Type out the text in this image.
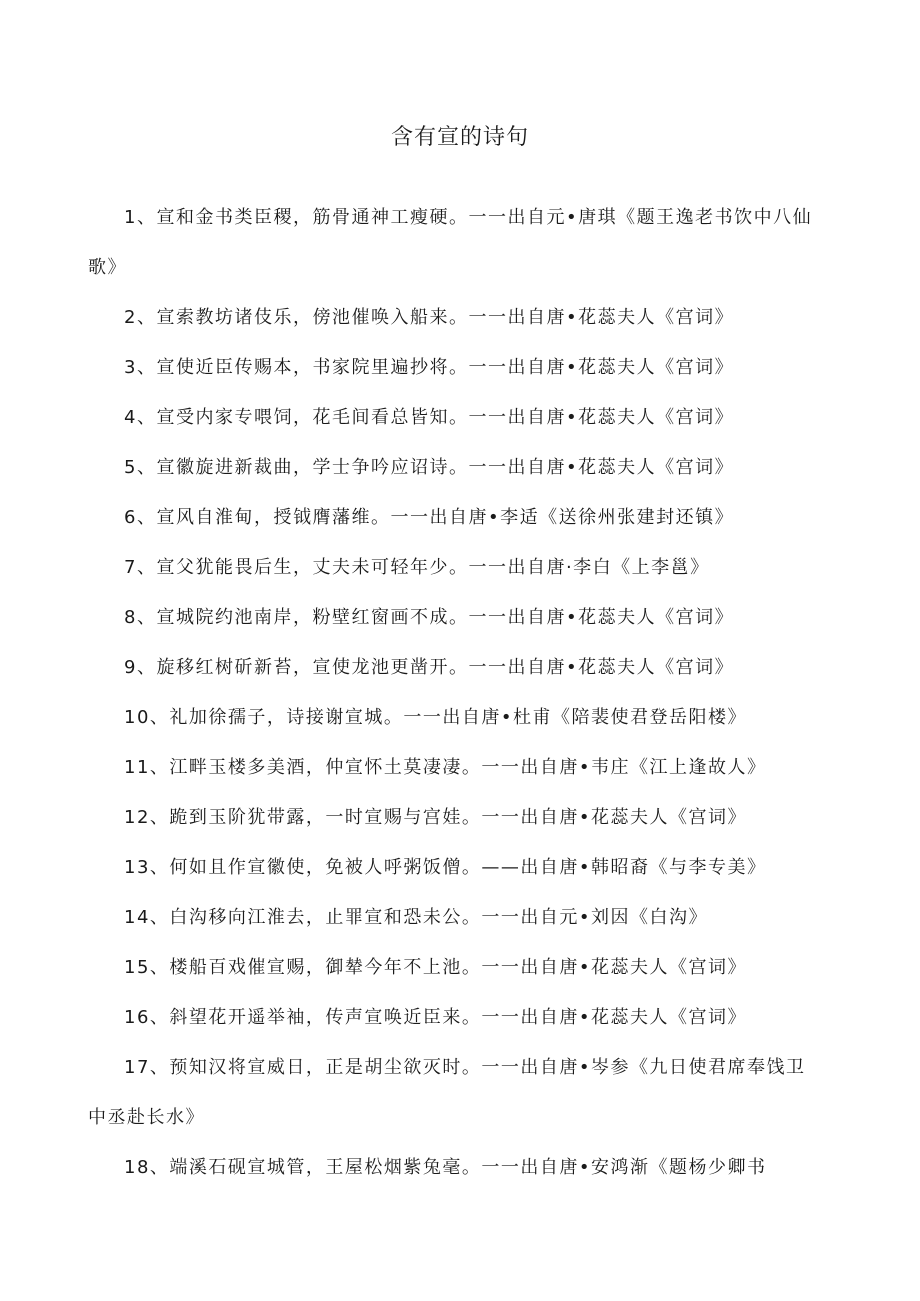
含有宣的诗句

1、宣和金书类臣稷，筋骨通神工瘦硬。一一出自元•唐琪《题王逸老书饮中八仙歌》

2、宣索教坊诸伎乐，傍池催唤入船来。一一出自唐•花蕊夫人《宫词》

3、宣使近臣传赐本，书家院里遍抄将。一一出自唐•花蕊夫人《宫词》

4、宣受内家专喂饲，花毛间看总皆知。一一出自唐•花蕊夫人《宫词》

5、宣徽旋进新裁曲，学士争吟应诏诗。一一出自唐•花蕊夫人《宫词》

6、宣风自淮甸，授钺膺藩维。一一出自唐•李适《送徐州张建封还镇》

7、宣父犹能畏后生，丈夫未可轻年少。一一出自唐·李白《上李邕》

8、宣城院约池南岸，粉壁红窗画不成。一一出自唐•花蕊夫人《宫词》

9、旋移红树斫新苔，宣使龙池更凿开。一一出自唐•花蕊夫人《宫词》

10、礼加徐孺子，诗接谢宣城。一一出自唐•杜甫《陪裴使君登岳阳楼》

11、江畔玉楼多美酒，仲宣怀土莫凄凄。一一出自唐•韦庄《江上逢故人》

12、跪到玉阶犹带露，一时宣赐与宫娃。一一出自唐•花蕊夫人《宫词》

13、何如且作宣徽使，免被人呼粥饭僧。——出自唐•韩昭裔《与李专美》

14、白沟移向江淮去，止罪宣和恐未公。一一出自元•刘因《白沟》

15、楼船百戏催宣赐，御辇今年不上池。一一出自唐•花蕊夫人《宫词》

16、斜望花开遥举袖，传声宣唤近臣来。一一出自唐•花蕊夫人《宫词》

17、预知汉将宣威日，正是胡尘欲灭时。一一出自唐•岑参《九日使君席奉饯卫中丞赴长水》

18、端溪石砚宣城管，王屋松烟紫兔毫。一一出自唐•安鸿渐《题杨少卿书
